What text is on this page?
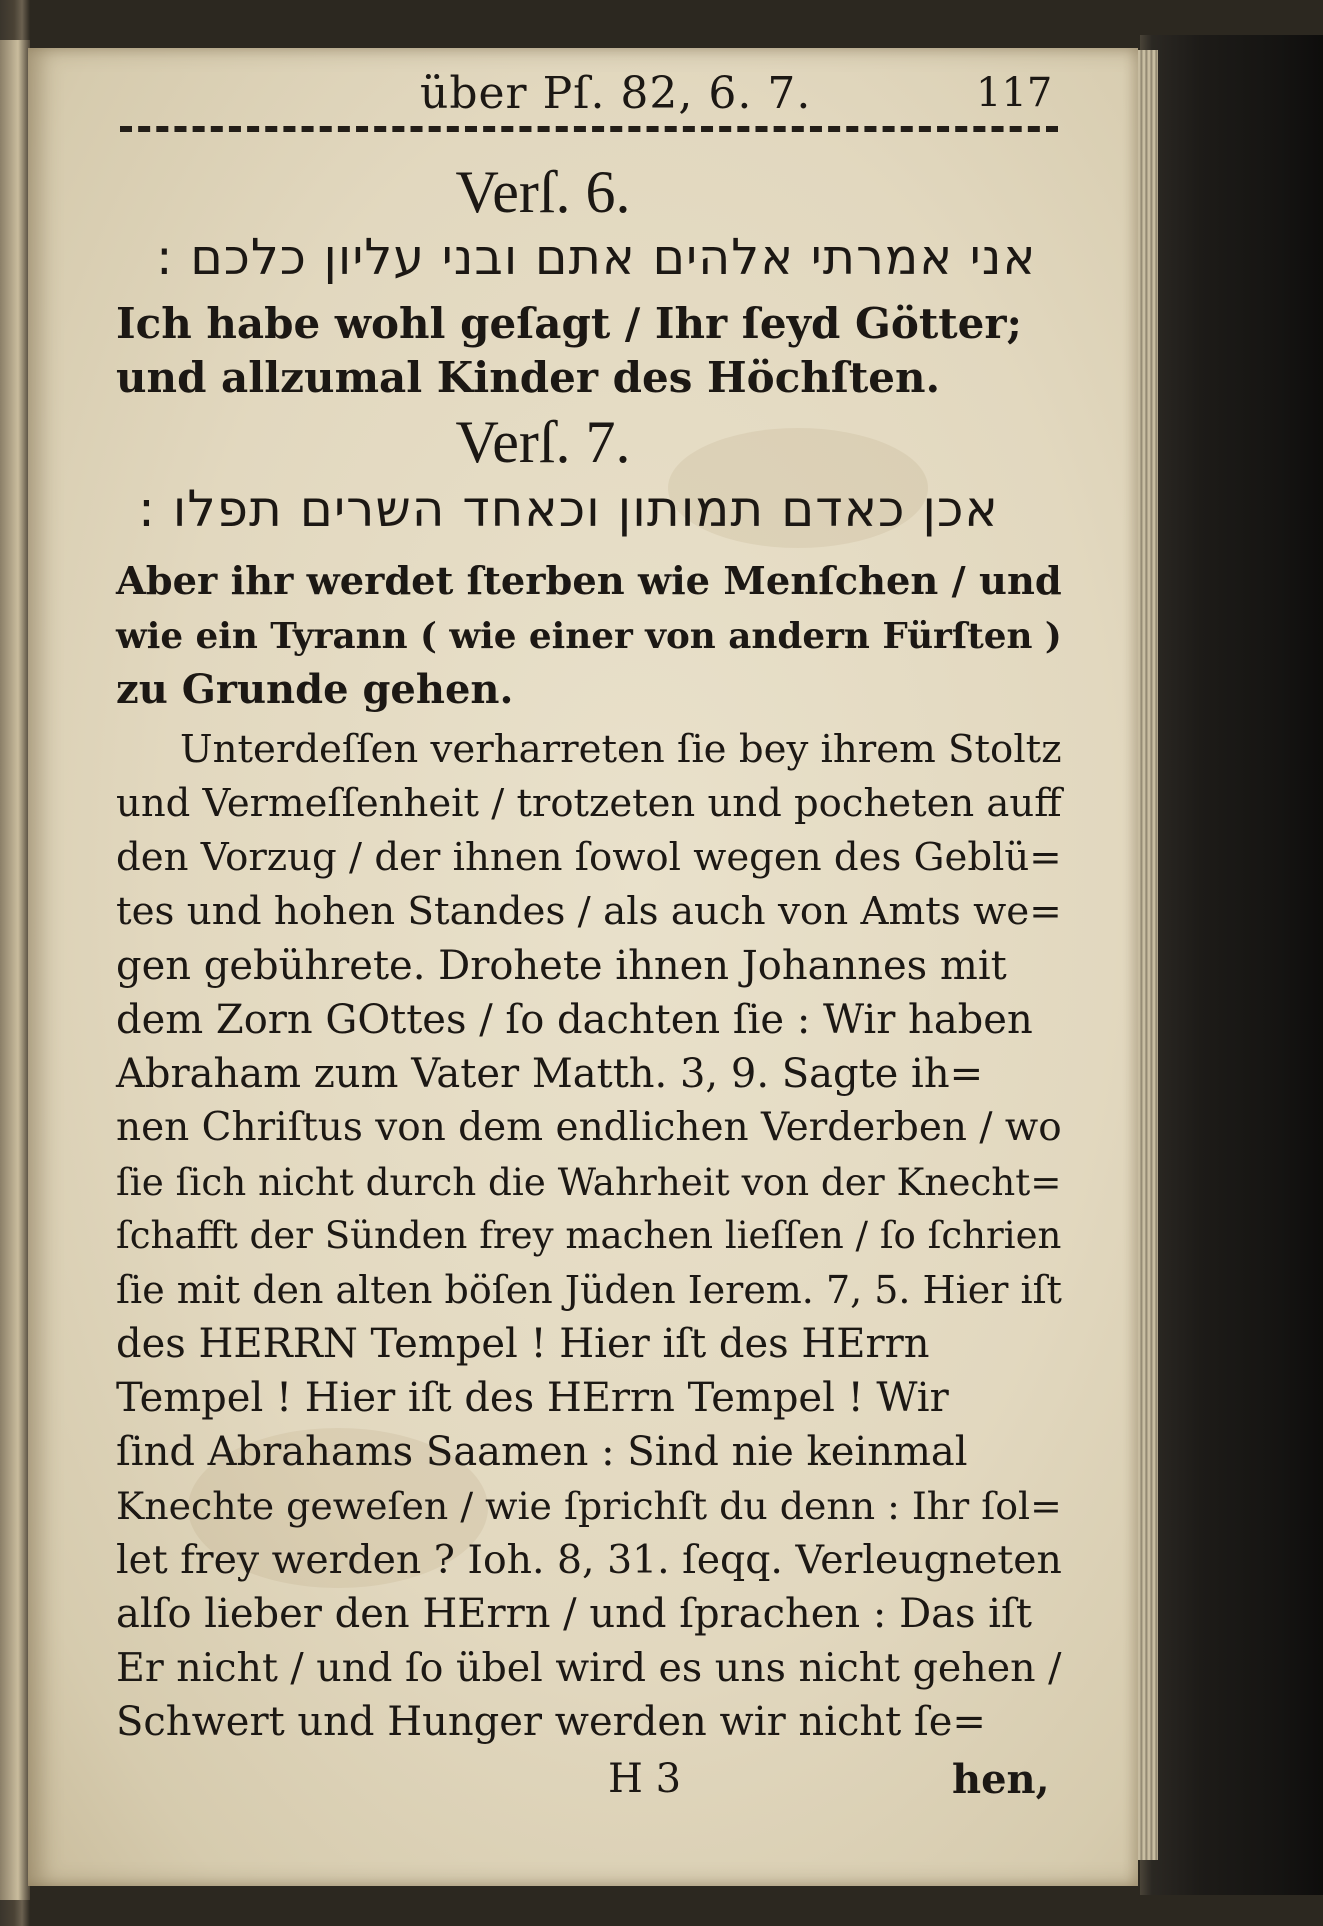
über Pſ. 82, 6. 7.	117
Verſ. 6.
אני אמרתי אלהים אתם ובני עליון כלכם :
Ich habe wohl geſagt / Ihr ſeyd Götter;
und allzumal Kinder des Höchſten.
Verſ. 7.
אכן כאדם תמותון וכאחד השרים תפלו :
Aber ihr werdet ſterben wie Menſchen / und
wie ein Tyrann ( wie einer von andern Fürſten )
zu Grunde gehen.
Unterdeſſen verharreten ſie bey ihrem Stoltz
und Vermeſſenheit / trotzeten und pocheten auff
den Vorzug / der ihnen ſowol wegen des Geblü=
tes und hohen Standes / als auch von Amts we=
gen gebührete. Drohete ihnen Johannes mit
dem Zorn GOttes / ſo dachten ſie : Wir haben
Abraham zum Vater Matth. 3, 9. Sagte ih=
nen Chriſtus von dem endlichen Verderben / wo
ſie ſich nicht durch die Wahrheit von der Knecht=
ſchafft der Sünden frey machen lieſſen / ſo ſchrien
ſie mit den alten böſen Jüden Ierem. 7, 5. Hier iſt
des HERRN Tempel ! Hier iſt des HErrn
Tempel ! Hier iſt des HErrn Tempel ! Wir
ſind Abrahams Saamen : Sind nie keinmal
Knechte geweſen / wie ſprichſt du denn : Ihr ſol=
let frey werden ? Ioh. 8, 31. ſeqq. Verleugneten
alſo lieber den HErrn / und ſprachen : Das iſt
Er nicht / und ſo übel wird es uns nicht gehen /
Schwert und Hunger werden wir nicht ſe=
H 3	hen,
